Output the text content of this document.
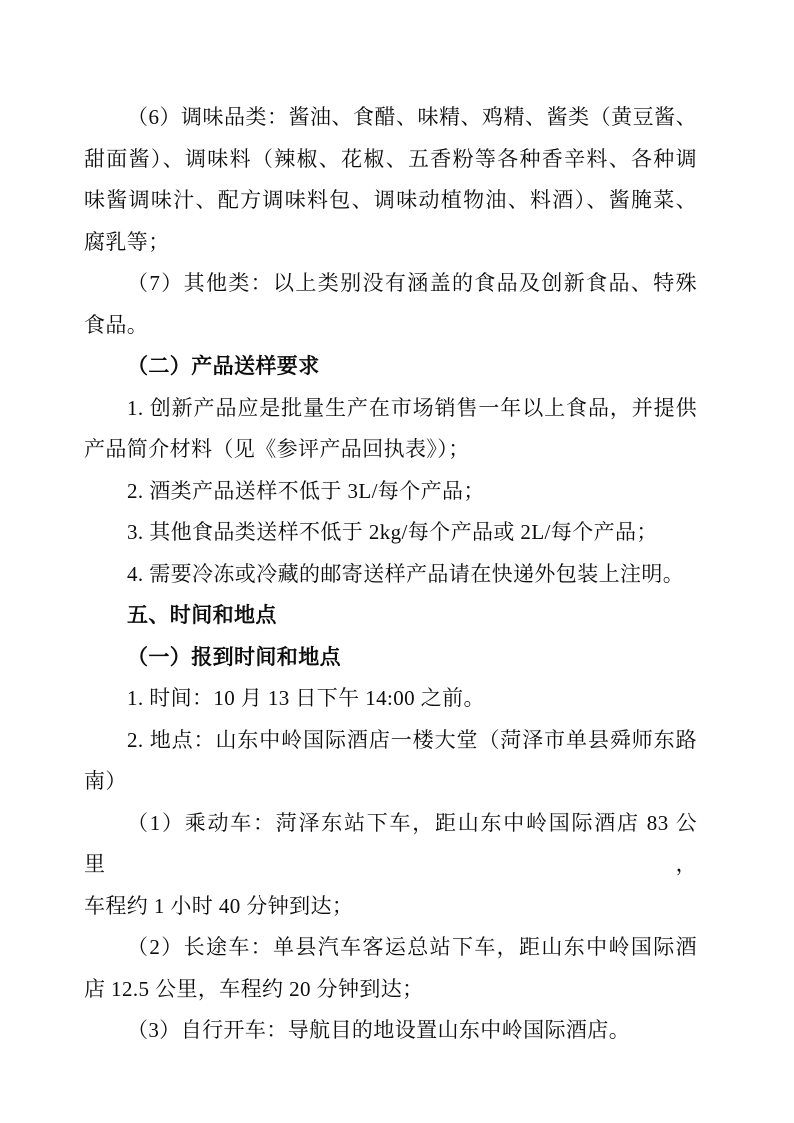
（6）调味品类：酱油、食醋、味精、鸡精、酱类（黄豆酱、
甜面酱）、调味料（辣椒、花椒、五香粉等各种香辛料、各种调
味酱调味汁、配方调味料包、调味动植物油、料酒）、酱腌菜、
腐乳等；
（7）其他类：以上类别没有涵盖的食品及创新食品、特殊
食品。
（二）产品送样要求
1. 创新产品应是批量生产在市场销售一年以上食品，并提供
产品简介材料（见《参评产品回执表》）；
2. 酒类产品送样不低于 3L/每个产品；
3. 其他食品类送样不低于 2kg/每个产品或 2L/每个产品；
4. 需要冷冻或冷藏的邮寄送样产品请在快递外包装上注明。
五、时间和地点
（一）报到时间和地点
1. 时间：10 月 13 日下午 14:00 之前。
2. 地点：山东中岭国际酒店一楼大堂（菏泽市单县舜师东路
南）
（1）乘动车：菏泽东站下车，距山东中岭国际酒店 83 公里，
车程约 1 小时 40 分钟到达；
（2）长途车：单县汽车客运总站下车，距山东中岭国际酒
店 12.5 公里，车程约 20 分钟到达；
（3）自行开车：导航目的地设置山东中岭国际酒店。
